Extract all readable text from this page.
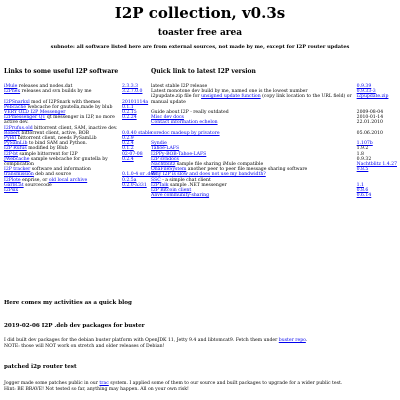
I2P collection, v0.3s
toaster free area
subnote: all software listed here are from external sources, not made by me, except for I2P router updates
Links to some useful I2P software
iMule releases and nodes.dat	2.3.3.3
I2Phex releases and svn builds by me	3.2.7.0.0

I2PSnarkxl mod of I2PSnark with themes	20101114a
Pebcache webcache for gnutella,made by blub	0.1.1
VERY OLD I2P Messenger	0.2.15
I2Pmessenger QT qt messenger in I2P, no more active dev.	0.2.24
I2Prufus.old bittorrent client, SAM, inactive dev.	
Robert bittorrent client, active, BOB	0.0.40 stable
PyBit bittorrent client, needs PySamLib	0.2.9
PySamLib to bind SAM and Python.	0.2.4
I2P Rufus modified by Blub	0.1.2
I2P-bt sample bittorrent for I2P	02-07-08
JWebcache sample webcache for gnutella by complication	0.2.4
I2P tracker software and information	
transmission deb and source	0.1.0-4 or .deb
I2Plote enprise, or old local archive	0.2.5a
GarliCat sourcecode	0.2.0-a331
I2Psix	
Quick link to latest I2P version
latest stable I2P release	0.9.39
Latest monotone dev build by me, named one is the lowest number	0.9.33-3
i2pupdate.zip file for unsigned update function (copy link location to the URL field) or manual update	i2pupdate.zip

Guide about I2P - really outdated	2009-08-04
Misc dev docs	2010-01-14
Contact information echelon	22.01.2010

coredoc madeup by privatore	05.06.2010

Syndie	1.107b
Tahoe-LAFS	1.9.2
I2PPy-BOB-Tahoe-LAFS	1.8
I2P svndocs	0.9.32
Nachtblitz sample file sharing iMule compatible	Nachtblitz 1.4.27
OnaFileSystem another peer to peer file message sharing software	0.8.5
Why I2P is slow and does not use my bandwidth?	
SSC - a simple chat client	
I2PTalk sample .NET messenger	1.1
I2P Bitcoin client	0.8.6
Alive community-sharing	0.6.14
Here comes my activities as a quick blog
2019-02-06 I2P .deb dev packages for buster
I did built dev packages for the debian buster platform with OpenJDK 11, Jetty 9.4 and libtomcat9. Fetch them under buster repo.
NOTE: those will NOT work on stretch and older releases of Debian!
patched i2p router test
Jogger made some patches public in our trac system. I applied some of them to our source and built packages to upgrade for a wider public test.
Hint: BE BRAVE! Not tested so far, anything may happen. All on your own risk!
